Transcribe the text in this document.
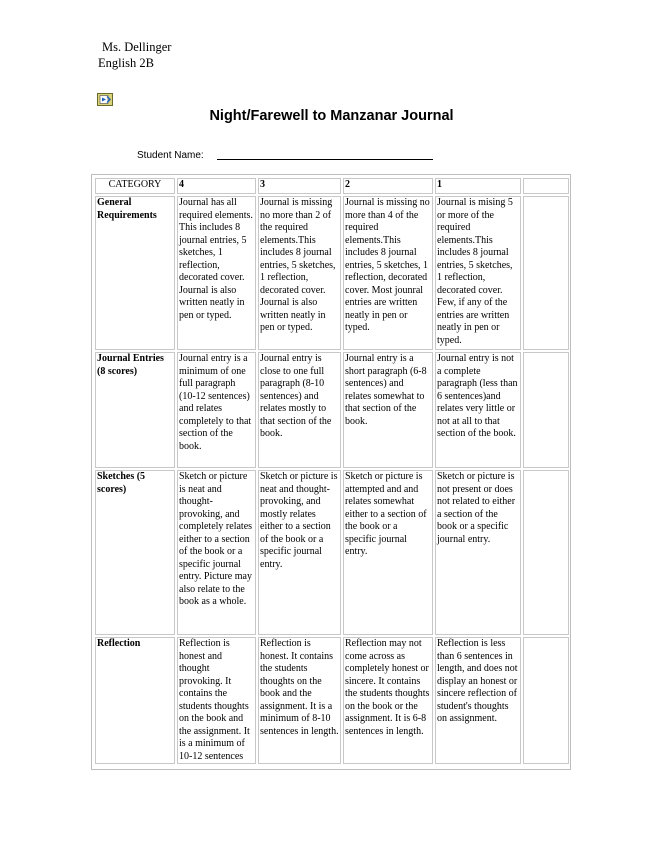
Ms. Dellinger
English 2B
Night/Farewell to Manzanar Journal
Student Name:
CATEGORY	4	3	2	1	
General Requirements	Journal has all required elements. This includes 8 journal entries, 5 sketches, 1 reflection, decorated cover. Journal is also written neatly in pen or typed.	Journal is missing no more than 2 of the required elements.This includes 8 journal entries, 5 sketches, 1 reflection, decorated cover. Journal is also written neatly in pen or typed.	Journal is missing no more than 4 of the required elements.This includes 8 journal entries, 5 sketches, 1 reflection, decorated cover. Most jounral entries are written neatly in pen or typed.	Journal is mising 5 or more of the required elements.This includes 8 journal entries, 5 sketches, 1 reflection, decorated cover. Few, if any of the entries are written neatly in pen or typed.	
Journal Entries (8 scores)	Journal entry is a minimum of one full paragraph (10-12 sentences) and relates completely to that section of the book.	Journal entry is close to one full paragraph (8-10 sentences) and relates mostly to that section of the book.	Journal entry is a short paragraph (6-8 sentences) and relates somewhat to that section of the book.	Journal entry is not a complete paragraph (less than 6 sentences)and relates very little or not at all to that section of the book.	
Sketches (5 scores)	Sketch or picture is neat and thought-provoking, and completely relates either to a section of the book or a specific journal entry. Picture may also relate to the book as a whole.	Sketch or picture is neat and thought-provoking, and mostly relates either to a section of the book or a specific journal entry.	Sketch or picture is attempted and and relates somewhat either to a section of the book or a specific journal entry.	Sketch or picture is not present or does not related to either a section of the book or a specific journal entry.	
Reflection	Reflection is honest and thought provoking. It contains the students thoughts on the book and the assignment. It is a minimum of 10-12 sentences	Reflection is honest. It contains the students thoughts on the book and the assignment. It is a minimum of 8-10 sentences in length.	Reflection may not come across as completely honest or sincere. It contains the students thoughts on the book or the assignment. It is 6-8 sentences in length.	Reflection is less than 6 sentences in length, and does not display an honest or sincere reflection of student's thoughts on assignment.	
